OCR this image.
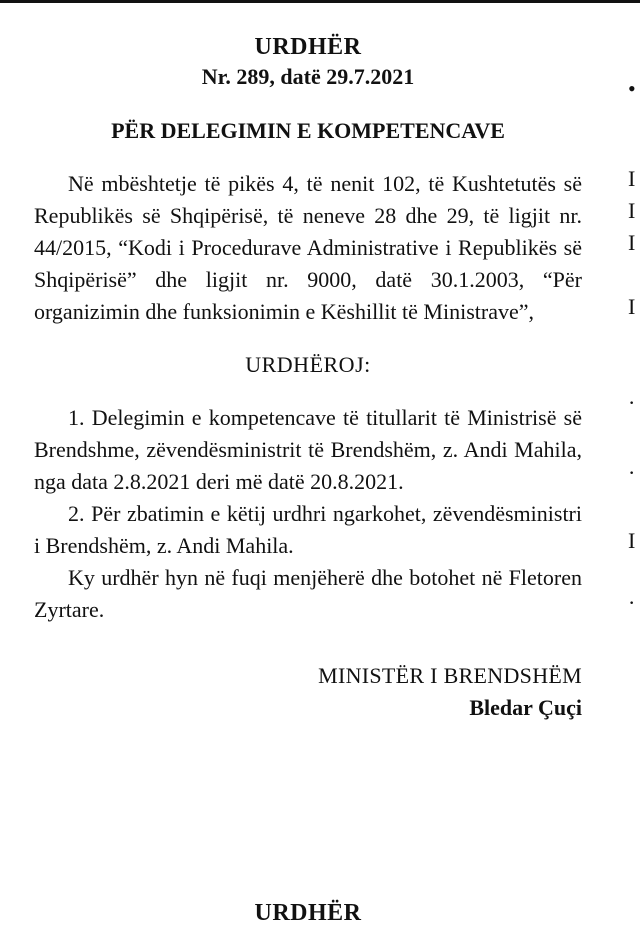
URDHËR
Nr. 289, datë 29.7.2021
PËR DELEGIMIN E KOMPETENCAVE

Në mbështetje të pikës 4, të nenit 102, të Kushtetutës së Republikës së Shqipërisë, të neneve 28 dhe 29, të ligjit nr. 44/2015, “Kodi i Procedurave Administrative i Republikës së Shqipërisë” dhe ligjit nr. 9000, datë 30.1.2003, “Për organizimin dhe funksionimin e Këshillit të Ministrave”,

URDHËROJ:

1. Delegimin e kompetencave të titullarit të Ministrisë së Brendshme, zëvendësministrit të Brendshëm, z. Andi Mahila, nga data 2.8.2021 deri më datë 20.8.2021.

2. Për zbatimin e këtij urdhri ngarkohet, zëvendësministri i Brendshëm, z. Andi Mahila.

Ky urdhër hyn në fuqi menjëherë dhe botohet në Fletoren Zyrtare.

MINISTËR I BRENDSHËM
Bledar Çuçi
URDHËR
•
I
I
I
I
·
·
I
·
